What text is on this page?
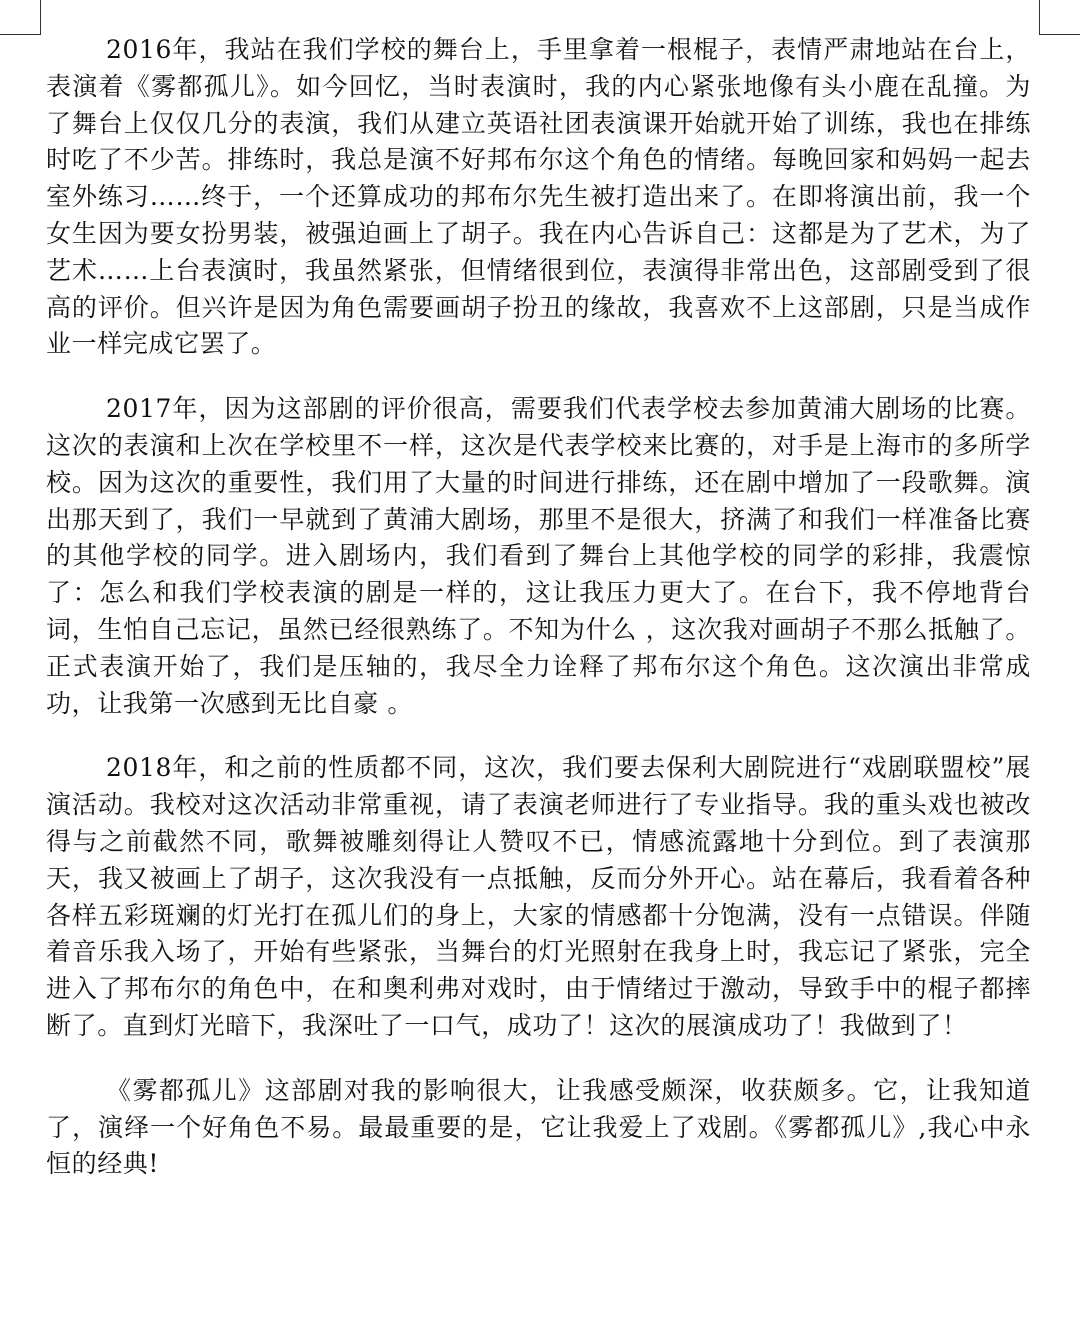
2016年，我站在我们学校的舞台上，手里拿着一根棍子，表情严肃地站在台上，表演着《雾都孤儿》。如今回忆，当时表演时，我的内心紧张地像有头小鹿在乱撞。为了舞台上仅仅几分的表演，我们从建立英语社团表演课开始就开始了训练，我也在排练时吃了不少苦。排练时，我总是演不好邦布尔这个角色的情绪。每晚回家和妈妈一起去室外练习……终于，一个还算成功的邦布尔先生被打造出来了。在即将演出前，我一个女生因为要女扮男装，被强迫画上了胡子。我在内心告诉自己：这都是为了艺术，为了艺术……上台表演时，我虽然紧张，但情绪很到位，表演得非常出色，这部剧受到了很高的评价。但兴许是因为角色需要画胡子扮丑的缘故，我喜欢不上这部剧，只是当成作业一样完成它罢了。

2017年，因为这部剧的评价很高，需要我们代表学校去参加黄浦大剧场的比赛。这次的表演和上次在学校里不一样，这次是代表学校来比赛的，对手是上海市的多所学校。因为这次的重要性，我们用了大量的时间进行排练，还在剧中增加了一段歌舞。演出那天到了，我们一早就到了黄浦大剧场，那里不是很大，挤满了和我们一样准备比赛的其他学校的同学。进入剧场内，我们看到了舞台上其他学校的同学的彩排，我震惊了：怎么和我们学校表演的剧是一样的，这让我压力更大了。在台下，我不停地背台词，生怕自己忘记，虽然已经很熟练了。不知为什么 ，这次我对画胡子不那么抵触了。正式表演开始了，我们是压轴的，我尽全力诠释了邦布尔这个角色。这次演出非常成功，让我第一次感到无比自豪 。

2018年，和之前的性质都不同，这次，我们要去保利大剧院进行“戏剧联盟校”展演活动。我校对这次活动非常重视，请了表演老师进行了专业指导。我的重头戏也被改得与之前截然不同，歌舞被雕刻得让人赞叹不已，情感流露地十分到位。到了表演那天，我又被画上了胡子，这次我没有一点抵触，反而分外开心。站在幕后，我看着各种各样五彩斑斓的灯光打在孤儿们的身上，大家的情感都十分饱满，没有一点错误。伴随着音乐我入场了，开始有些紧张，当舞台的灯光照射在我身上时，我忘记了紧张，完全进入了邦布尔的角色中，在和奥利弗对戏时，由于情绪过于激动，导致手中的棍子都摔断了。直到灯光暗下，我深吐了一口气，成功了！这次的展演成功了！我做到了！

《雾都孤儿》这部剧对我的影响很大，让我感受颇深，收获颇多。它，让我知道了，演绎一个好角色不易。最最重要的是，它让我爱上了戏剧。《雾都孤儿》,我心中永恒的经典!
